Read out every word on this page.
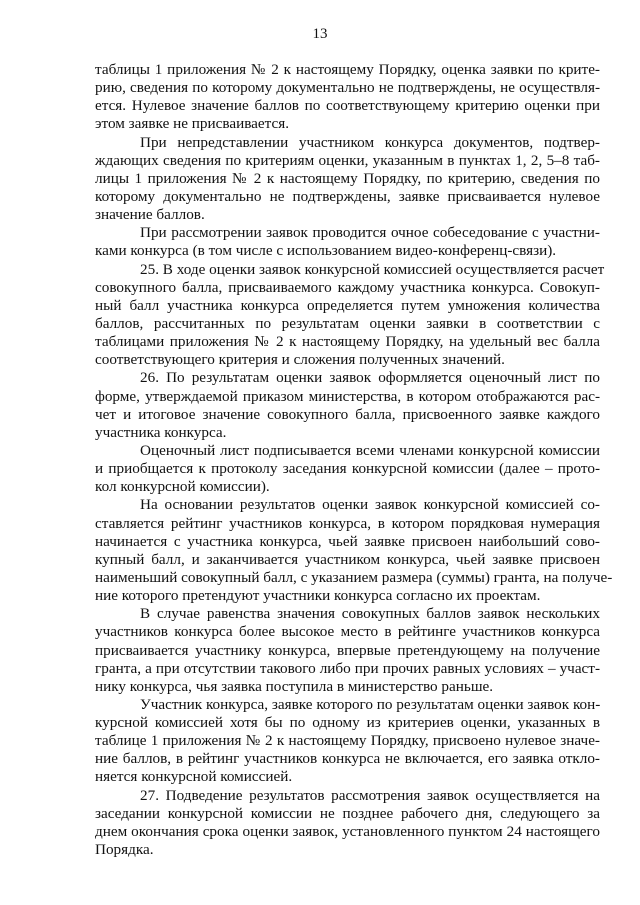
13
таблицы 1 приложения № 2 к настоящему Порядку, оценка заявки по крите-
рию, сведения по которому документально не подтверждены, не осуществля-
ется. Нулевое значение баллов по соответствующему критерию оценки при
этом заявке не присваивается.
При непредставлении участником конкурса документов, подтвер-
ждающих сведения по критериям оценки, указанным в пунктах 1, 2, 5–8 таб-
лицы 1 приложения № 2 к настоящему Порядку, по критерию, сведения по
которому документально не подтверждены, заявке присваивается нулевое
значение баллов.
При рассмотрении заявок проводится очное собеседование с участни-
ками конкурса (в том числе с использованием видео-конференц-связи).
25. В ходе оценки заявок конкурсной комиссией осуществляется расчет
совокупного балла, присваиваемого каждому участника конкурса. Совокуп-
ный балл участника конкурса определяется путем умножения количества
баллов, рассчитанных по результатам оценки заявки в соответствии с
таблицами приложения № 2 к настоящему Порядку, на удельный вес балла
соответствующего критерия и сложения полученных значений.
26. По результатам оценки заявок оформляется оценочный лист по
форме, утверждаемой приказом министерства, в котором отображаются рас-
чет и итоговое значение совокупного балла, присвоенного заявке каждого
участника конкурса.
Оценочный лист подписывается всеми членами конкурсной комиссии
и приобщается к протоколу заседания конкурсной комиссии (далее – прото-
кол конкурсной комиссии).
На основании результатов оценки заявок конкурсной комиссией со-
ставляется рейтинг участников конкурса, в котором порядковая нумерация
начинается с участника конкурса, чьей заявке присвоен наибольший сово-
купный балл, и заканчивается участником конкурса, чьей заявке присвоен
наименьший совокупный балл, с указанием размера (суммы) гранта, на получе-
ние которого претендуют участники конкурса согласно их проектам.
В случае равенства значения совокупных баллов заявок нескольких
участников конкурса более высокое место в рейтинге участников конкурса
присваивается участнику конкурса, впервые претендующему на получение
гранта, а при отсутствии такового либо при прочих равных условиях – участ-
нику конкурса, чья заявка поступила в министерство раньше.
Участник конкурса, заявке которого по результатам оценки заявок кон-
курсной комиссией хотя бы по одному из критериев оценки, указанных в
таблице 1 приложения № 2 к настоящему Порядку, присвоено нулевое значе-
ние баллов, в рейтинг участников конкурса не включается, его заявка откло-
няется конкурсной комиссией.
27. Подведение результатов рассмотрения заявок осуществляется на
заседании конкурсной комиссии не позднее рабочего дня, следующего за
днем окончания срока оценки заявок, установленного пунктом 24 настоящего
Порядка.
